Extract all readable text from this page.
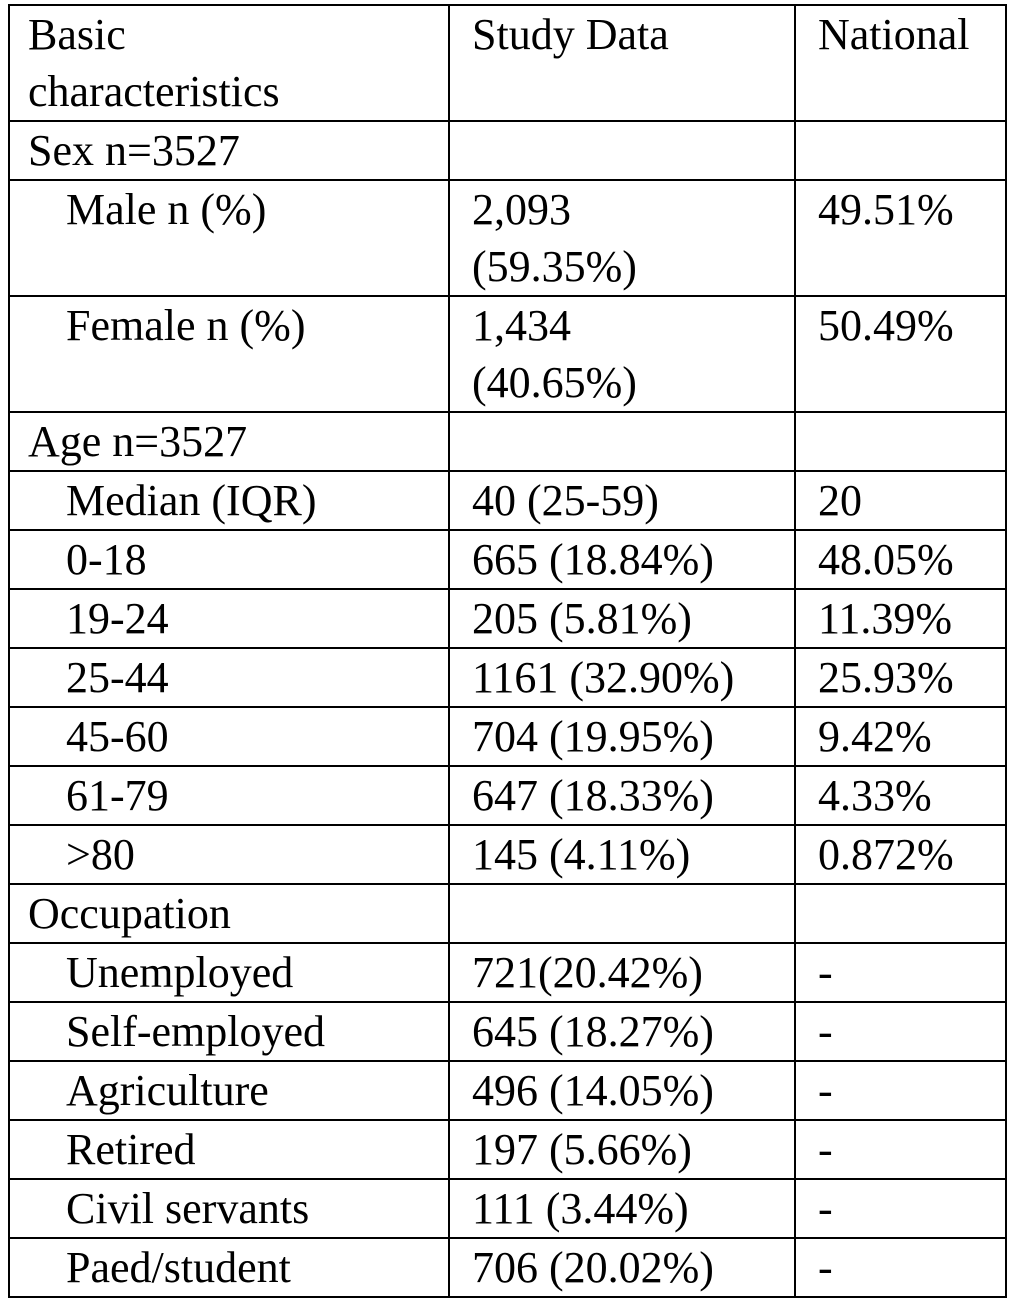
Basic characteristics	Study Data	National
Sex n=3527		
Male n (%)	2,093 (59.35%)	49.51%
Female n (%)	1,434 (40.65%)	50.49%
Age n=3527		
Median (IQR)	40 (25-59)	20
0-18	665 (18.84%)	48.05%
19-24	205 (5.81%)	11.39%
25-44	1161 (32.90%)	25.93%
45-60	704 (19.95%)	9.42%
61-79	647 (18.33%)	4.33%
>80	145 (4.11%)	0.872%
Occupation		
Unemployed	721(20.42%)	-
Self-employed	645 (18.27%)	-
Agriculture	496 (14.05%)	-
Retired	197 (5.66%)	-
Civil servants	111 (3.44%)	-
Paed/student	706 (20.02%)	-
